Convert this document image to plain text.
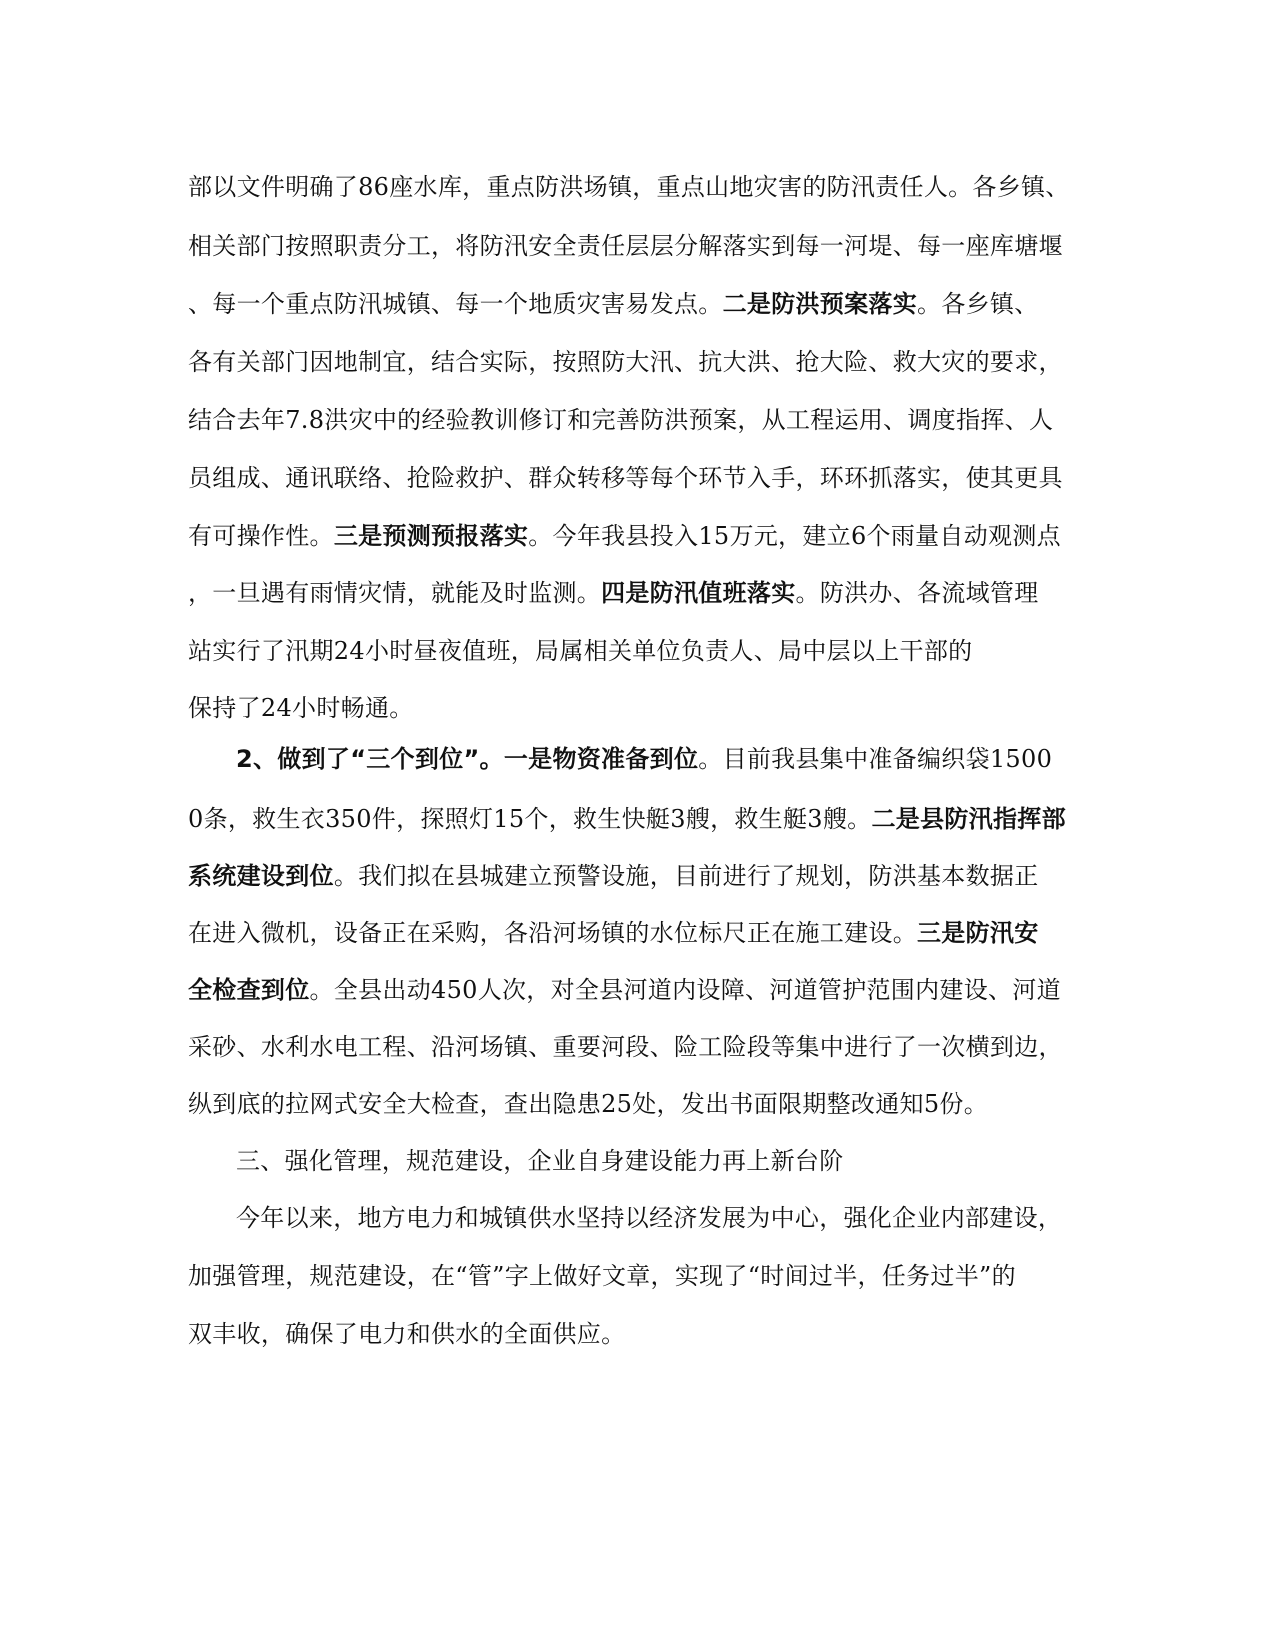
部以文件明确了86座水库，重点防洪场镇，重点山地灾害的防汛责任人。各乡镇、
相关部门按照职责分工，将防汛安全责任层层分解落实到每一河堤、每一座库塘堰
、每一个重点防汛城镇、每一个地质灾害易发点。二是防洪预案落实。各乡镇、
各有关部门因地制宜，结合实际，按照防大汛、抗大洪、抢大险、救大灾的要求，
结合去年7.8洪灾中的经验教训修订和完善防洪预案，从工程运用、调度指挥、人
员组成、通讯联络、抢险救护、群众转移等每个环节入手，环环抓落实，使其更具
有可操作性。三是预测预报落实。今年我县投入15万元，建立6个雨量自动观测点
，一旦遇有雨情灾情，就能及时监测。四是防汛值班落实。防洪办、各流域管理
站实行了汛期24小时昼夜值班，局属相关单位负责人、局中层以上干部的
保持了24小时畅通。
2、做到了“三个到位”。一是物资准备到位。目前我县集中准备编织袋1500
0条，救生衣350件，探照灯15个，救生快艇3艘，救生艇3艘。二是县防汛指挥部
系统建设到位。我们拟在县城建立预警设施，目前进行了规划，防洪基本数据正
在进入微机，设备正在采购，各沿河场镇的水位标尺正在施工建设。三是防汛安
全检查到位。全县出动450人次，对全县河道内设障、河道管护范围内建设、河道
采砂、水利水电工程、沿河场镇、重要河段、险工险段等集中进行了一次横到边，
纵到底的拉网式安全大检查，查出隐患25处，发出书面限期整改通知5份。
三、强化管理，规范建设，企业自身建设能力再上新台阶
今年以来，地方电力和城镇供水坚持以经济发展为中心，强化企业内部建设，
加强管理，规范建设，在“管”字上做好文章，实现了“时间过半，任务过半”的
双丰收，确保了电力和供水的全面供应。
